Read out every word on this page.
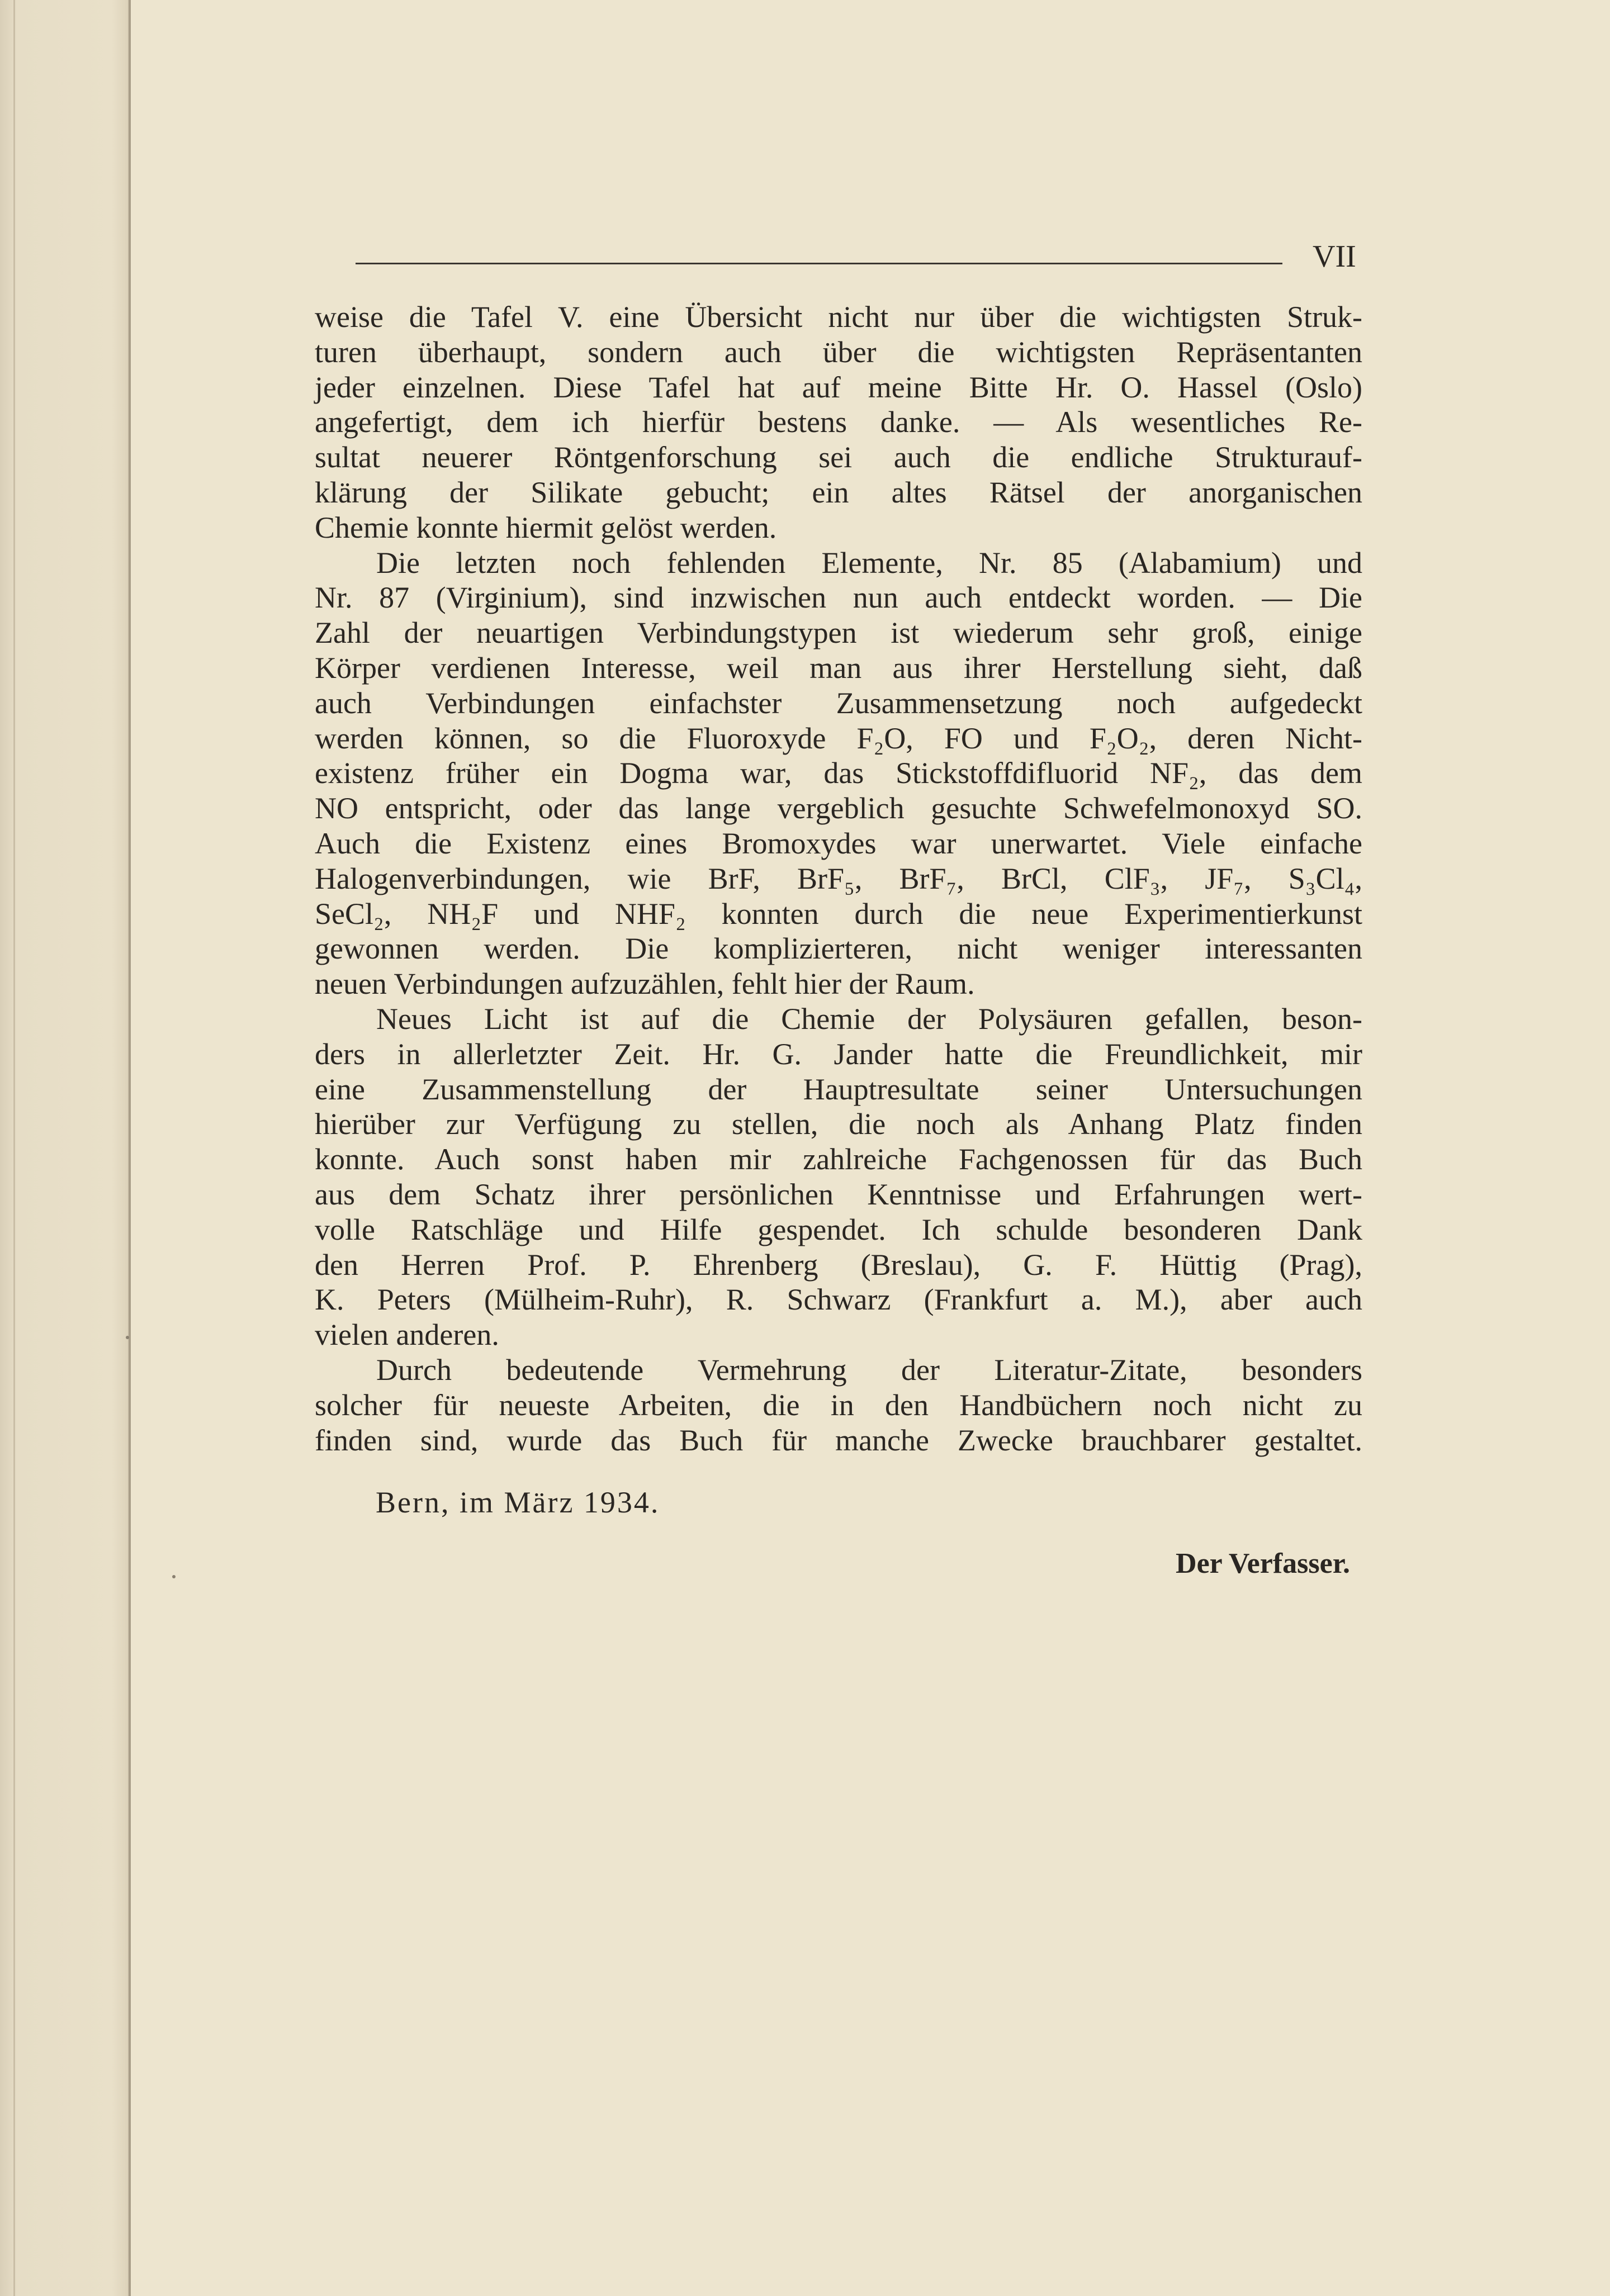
VII
weise die Tafel V. eine Übersicht nicht nur über die wichtigsten Struk-
turen überhaupt, sondern auch über die wichtigsten Repräsentanten
jeder einzelnen. Diese Tafel hat auf meine Bitte Hr. O. Hassel (Oslo)
angefertigt, dem ich hierfür bestens danke. — Als wesentliches Re-
sultat neuerer Röntgenforschung sei auch die endliche Strukturauf-
klärung der Silikate gebucht; ein altes Rätsel der anorganischen
Chemie konnte hiermit gelöst werden.
Die letzten noch fehlenden Elemente, Nr. 85 (Alabamium) und
Nr. 87 (Virginium), sind inzwischen nun auch entdeckt worden. — Die
Zahl der neuartigen Verbindungstypen ist wiederum sehr groß, einige
Körper verdienen Interesse, weil man aus ihrer Herstellung sieht, daß
auch Verbindungen einfachster Zusammensetzung noch aufgedeckt
werden können, so die Fluoroxyde F₂O, FO und F₂O₂, deren Nicht-
existenz früher ein Dogma war, das Stickstoffdifluorid NF₂, das dem
NO entspricht, oder das lange vergeblich gesuchte Schwefelmonoxyd SO.
Auch die Existenz eines Bromoxydes war unerwartet. Viele einfache
Halogenverbindungen, wie BrF, BrF₅, BrF₇, BrCl, ClF₃, JF₇, S₃Cl₄,
SeCl₂, NH₂F und NHF₂ konnten durch die neue Experimentierkunst
gewonnen werden. Die komplizierteren, nicht weniger interessanten
neuen Verbindungen aufzuzählen, fehlt hier der Raum.
Neues Licht ist auf die Chemie der Polysäuren gefallen, beson-
ders in allerletzter Zeit. Hr. G. Jander hatte die Freundlichkeit, mir
eine Zusammenstellung der Hauptresultate seiner Untersuchungen
hierüber zur Verfügung zu stellen, die noch als Anhang Platz finden
konnte. Auch sonst haben mir zahlreiche Fachgenossen für das Buch
aus dem Schatz ihrer persönlichen Kenntnisse und Erfahrungen wert-
volle Ratschläge und Hilfe gespendet. Ich schulde besonderen Dank
den Herren Prof. P. Ehrenberg (Breslau), G. F. Hüttig (Prag),
K. Peters (Mülheim-Ruhr), R. Schwarz (Frankfurt a. M.), aber auch
vielen anderen.
Durch bedeutende Vermehrung der Literatur-Zitate, besonders
solcher für neueste Arbeiten, die in den Handbüchern noch nicht zu
finden sind, wurde das Buch für manche Zwecke brauchbarer gestaltet.
Bern, im März 1934.
Der Verfasser.
